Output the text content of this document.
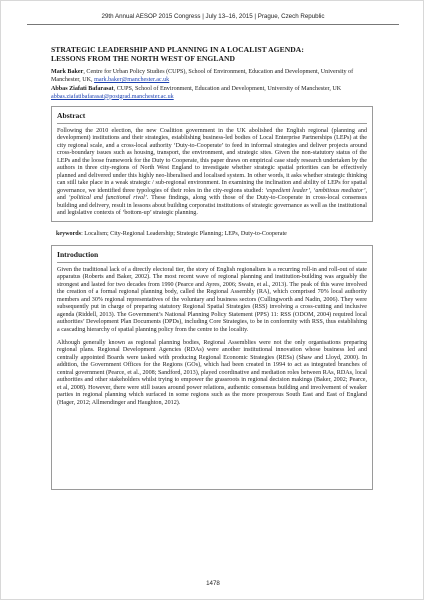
29th Annual AESOP 2015 Congress | July 13–16, 2015 | Prague, Czech Republic
STRATEGIC LEADERSHIP AND PLANNING IN A LOCALIST AGENDA:
LESSONS FROM THE NORTH WEST OF ENGLAND
Mark Baker, Centre for Urban Policy Studies (CUPS), School of Environment, Education and Development, University of Manchester, UK, mark.baker@manchester.ac.uk
Abbas Ziafati Bafarasat, CUPS, School of Environment, Education and Development, University of Manchester, UK abbas.ziafatibafarasat@postgrad.manchester.ac.uk
Abstract

Following the 2010 election, the new Coalition government in the UK abolished the English regional (planning and development) institutions and their strategies, establishing business-led bodies of Local Enterprise Partnerships (LEPs) at the city regional scale, and a cross-local authority ‘Duty-to-Cooperate’ to feed in informal strategies and deliver projects around cross-boundary issues such as housing, transport, the environment, and strategic sites. Given the non-statutory status of the LEPs and the loose framework for the Duty to Cooperate, this paper draws on empirical case study research undertaken by the authors in three city-regions of North West England to investigate whether strategic spatial priorities can be effectively planned and delivered under this highly neo-liberalised and localised system. In other words, it asks whether strategic thinking can still take place in a weak strategic / sub-regional environment. In examining the inclination and ability of LEPs for spatial governance, we identified three typologies of their roles in the city-regions studied: ‘expedient leader’, ‘ambitious mediator’, and ‘political and functional rival’. These findings, along with those of the Duty-to-Cooperate in cross-local consensus building and delivery, result in lessons about building corporatist institutions of strategic governance as well as the institutional and legislative contexts of ‘bottom-up’ strategic planning.

keywords: Localism; City-Regional Leadership; Strategic Planning; LEPs, Duty-to-Cooperate
Introduction

Given the traditional lack of a directly electoral tier, the story of English regionalism is a recurring roll-in and roll-out of state apparatus (Roberts and Baker, 2002). The most recent wave of regional planning and institution-building was arguably the strongest and lasted for two decades from 1990 (Pearce and Ayres, 2006; Swain, et al., 2013). The peak of this wave involved the creation of a formal regional planning body, called the Regional Assembly (RA), which comprised 70% local authority members and 30% regional representatives of the voluntary and business sectors (Cullingworth and Nadin, 2006). They were subsequently put in charge of preparing statutory Regional Spatial Strategies (RSS) involving a cross-cutting and inclusive agenda (Riddell, 2013). The Government’s National Planning Policy Statement (PPS) 11: RSS (ODOM, 2004) required local authorities’ Development Plan Documents (DPDs), including Core Strategies, to be in conformity with RSS, thus establishing a cascading hierarchy of spatial planning policy from the centre to the locality.

Although generally known as regional planning bodies, Regional Assemblies were not the only organisations preparing regional plans. Regional Development Agencies (RDAs) were another institutional innovation whose business led and centrally appointed Boards were tasked with producing Regional Economic Strategies (RESs) (Shaw and Lloyd, 2000). In addition, the Government Offices for the Regions (GOs), which had been created in 1994 to act as integrated branches of central government (Pearce, et al., 2008; Sandford, 2013), played coordinative and mediation roles between RAs, RDAs, local authorities and other stakeholders whilst trying to empower the grassroots in regional decision makings (Baker, 2002; Pearce, et al, 2008). However, there were still issues around power relations, authentic consensus building and involvement of weaker parties in regional planning which surfaced in some regions such as the more prosperous South East and East of England (Hager, 2012; Allmendinger and Haughton, 2012).

1478
